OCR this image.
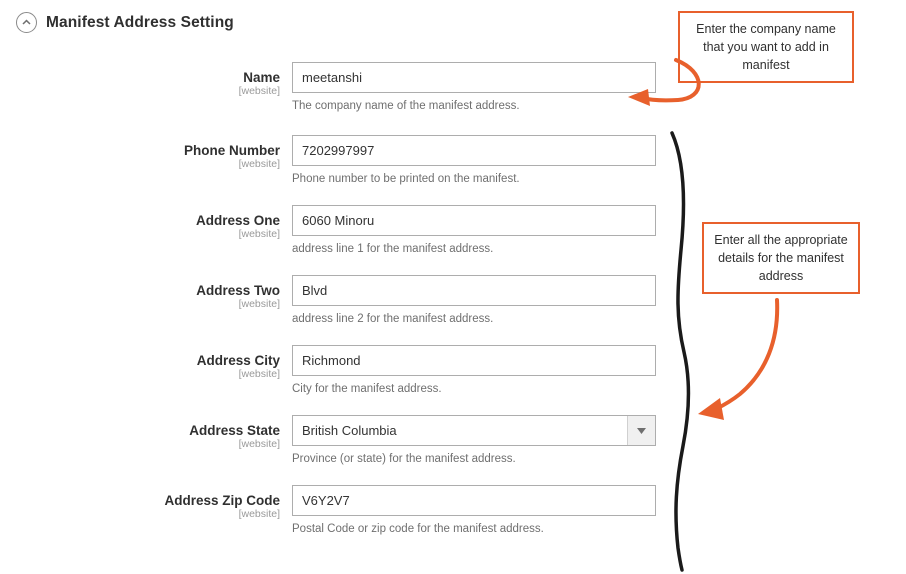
Manifest Address Setting
Name
[website]
meetanshi
The company name of the manifest address.
Phone Number
[website]
7202997997
Phone number to be printed on the manifest.
Address One
[website]
6060 Minoru
address line 1 for the manifest address.
Address Two
[website]
Blvd
address line 2 for the manifest address.
Address City
[website]
Richmond
City for the manifest address.
Address State
[website]
British Columbia
Province (or state) for the manifest address.
Address Zip Code
[website]
V6Y2V7
Postal Code or zip code for the manifest address.
Enter the company name that you want to add in manifest
Enter all the appropriate details for the manifest address
